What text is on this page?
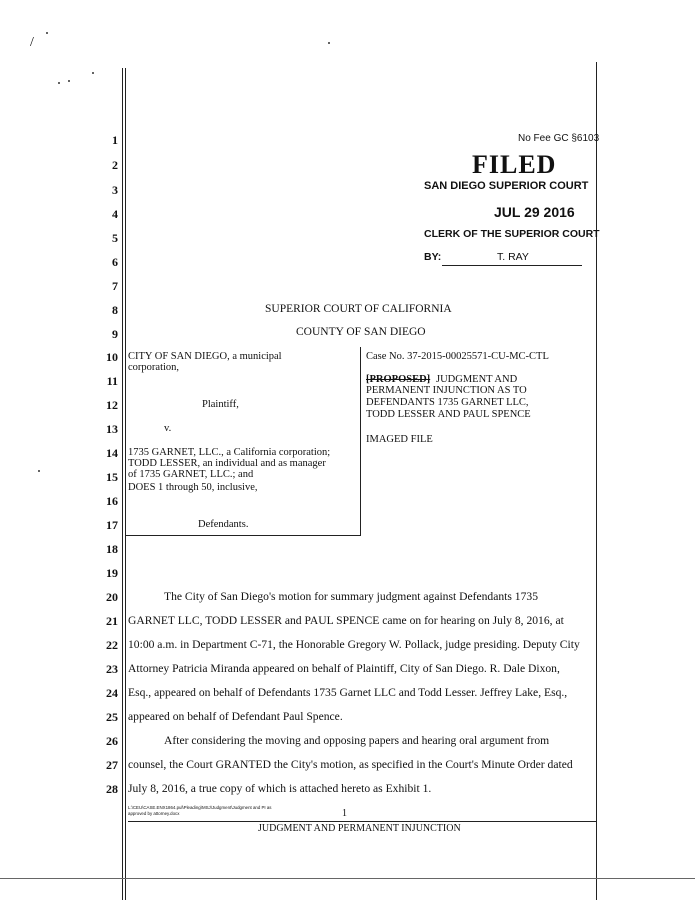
/
1
2
3
4
5
6
7
8
9
10
11
12
13
14
15
16
17
18
19
20
21
22
23
24
25
26
27
28
No Fee GC §6103
FILED
SAN DIEGO SUPERIOR COURT
JUL 29 2016
CLERK OF THE SUPERIOR COURT
BY:	T. RAY
SUPERIOR COURT OF CALIFORNIA
COUNTY OF SAN DIEGO
CITY OF SAN DIEGO, a municipal
corporation,
Plaintiff,
v.
1735 GARNET, LLC., a California corporation;
TODD LESSER, an individual and as manager
of 1735 GARNET, LLC.; and
DOES 1 through 50, inclusive,
Defendants.
Case No. 37-2015-00025571-CU-MC-CTL
[PROPOSED] JUDGMENT AND
PERMANENT INJUNCTION AS TO
DEFENDANTS 1735 GARNET LLC,
TODD LESSER AND PAUL SPENCE
IMAGED FILE
The City of San Diego's motion for summary judgment against Defendants 1735
GARNET LLC, TODD LESSER and PAUL SPENCE came on for hearing on July 8, 2016, at
10:00 a.m. in Department C-71, the Honorable Gregory W. Pollack, judge presiding. Deputy City
Attorney Patricia Miranda appeared on behalf of Plaintiff, City of San Diego. R. Dale Dixon,
Esq., appeared on behalf of Defendants 1735 Garnet LLC and Todd Lesser. Jeffrey Lake, Esq.,
appeared on behalf of Defendant Paul Spence.
After considering the moving and opposing papers and hearing oral argument from
counsel, the Court GRANTED the City's motion, as specified in the Court's Minute Order dated
July 8, 2016, a true copy of which is attached hereto as Exhibit 1.
L:\CEU\CASE.ENX1864.pul\Pleading\MSJ\Judgment\Judgment and PI as
approved by attorney.docx	1
JUDGMENT AND PERMANENT INJUNCTION
